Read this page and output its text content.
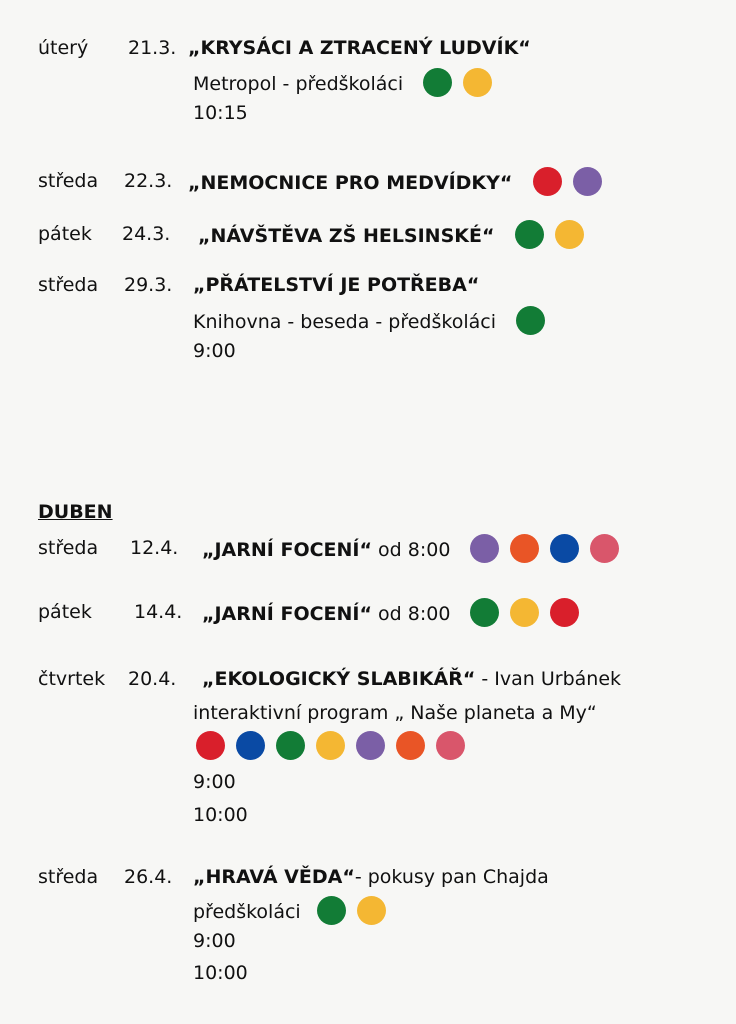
úterý 21.3. „KRYSÁCI A ZTRACENÝ LUDVÍK“
Metropol - předškoláci
10:15
středa 22.3. „NEMOCNICE PRO MEDVÍDKY“
pátek 24.3. „NÁVŠTĚVA ZŠ HELSINSKÉ“
středa 29.3. „PŘÁTELSTVÍ JE POTŘEBA“
Knihovna - beseda - předškoláci
9:00
DUBEN
středa 12.4. „JARNÍ FOCENÍ“ od 8:00
pátek 14.4. „JARNÍ FOCENÍ“ od 8:00
čtvrtek 20.4. „EKOLOGICKÝ SLABIKÁŘ“ - Ivan Urbánek
interaktivní program „ Naše planeta a My“
9:00
10:00
středa 26.4. „HRAVÁ VĚDA“- pokusy pan Chajda
předškoláci
9:00
10:00
